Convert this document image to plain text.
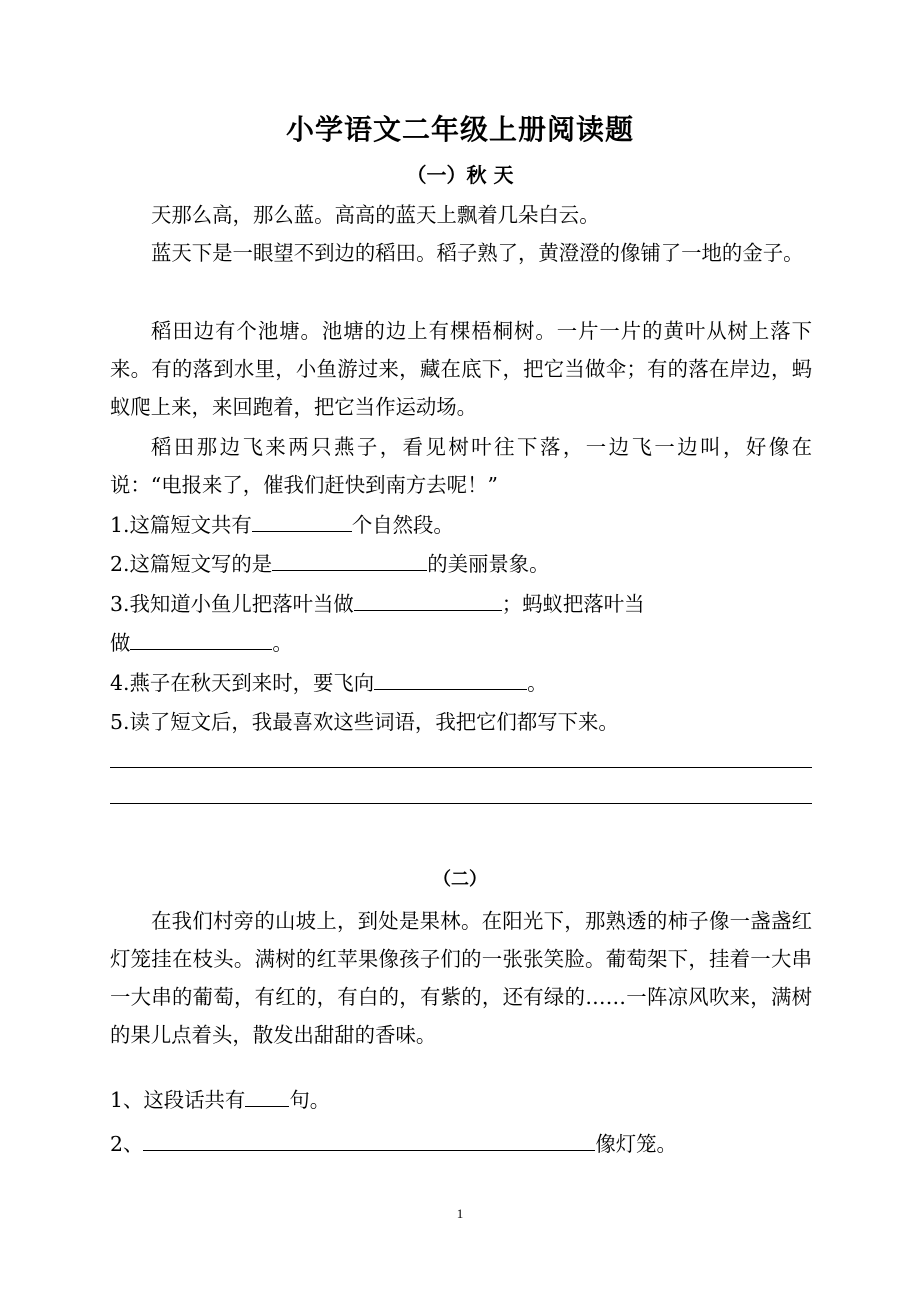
小学语文二年级上册阅读题
（一）秋 天
天那么高，那么蓝。高高的蓝天上飘着几朵白云。
蓝天下是一眼望不到边的稻田。稻子熟了，黄澄澄的像铺了一地的金子。
稻田边有个池塘。池塘的边上有棵梧桐树。一片一片的黄叶从树上落下来。有的落到水里，小鱼游过来，藏在底下，把它当做伞；有的落在岸边，蚂蚁爬上来，来回跑着，把它当作运动场。
稻田那边飞来两只燕子，看见树叶往下落，一边飞一边叫，好像在说：“电报来了，催我们赶快到南方去呢！”
1.这篇短文共有	个自然段。
2.这篇短文写的是	的美丽景象。
3.我知道小鱼儿把落叶当做	；蚂蚁把落叶当
做	。
4.燕子在秋天到来时，要飞向	。
5.读了短文后，我最喜欢这些词语，我把它们都写下来。
（二）
在我们村旁的山坡上，到处是果林。在阳光下，那熟透的柿子像一盏盏红灯笼挂在枝头。满树的红苹果像孩子们的一张张笑脸。葡萄架下，挂着一大串一大串的葡萄，有红的，有白的，有紫的，还有绿的……一阵凉风吹来，满树的果儿点着头，散发出甜甜的香味。
1、这段话共有 句。
2、	像灯笼。
1
